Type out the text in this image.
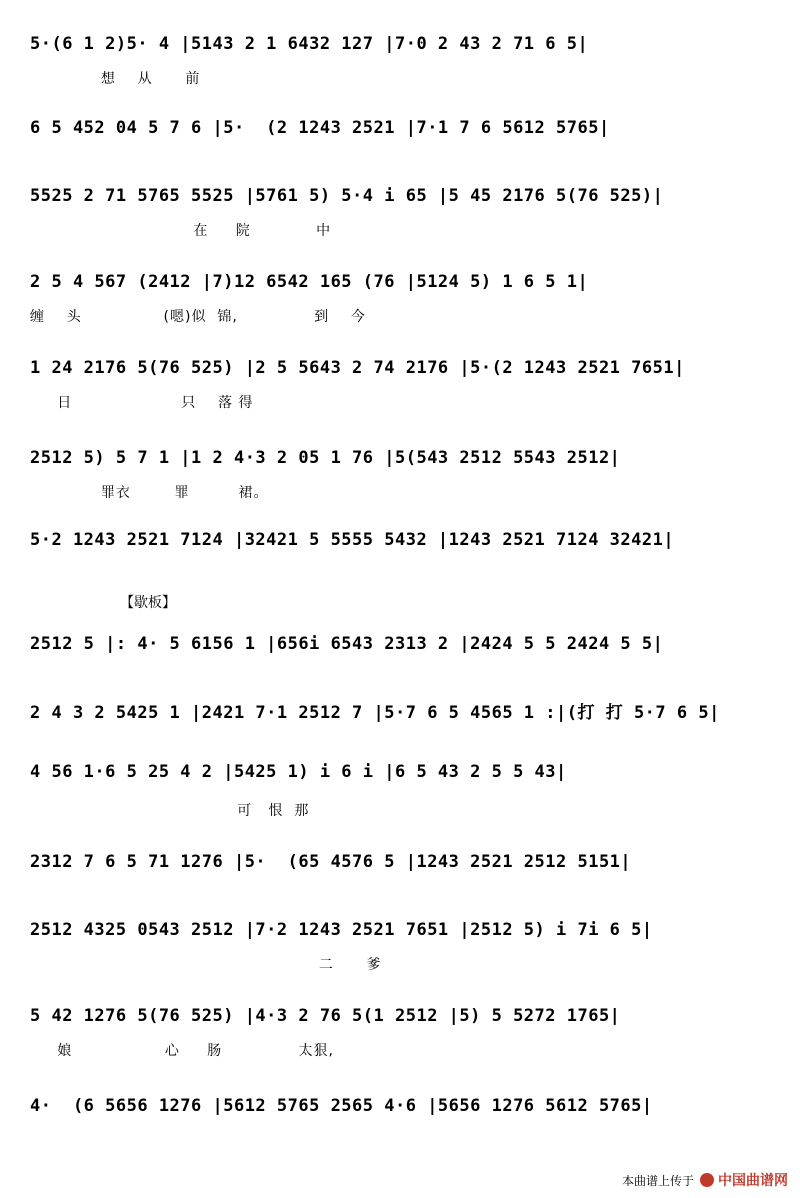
5·(6 1 2)5· 4 |5143 2 1 6432 127 |7·0 2 43 2 71 6 5|
想    从      前
6 5 452 04 5 7 6 |5·  (2 1243 2521 |7·1 7 6 5612 5765|
5525 2 71 5765 5525 |5761 5) 5·4 i 65 |5 45 2176 5(76 525)|
在     院            中
2 5 4 567 (2412 |7)12 6542 165 (76 |5124 5) 1 6 5 1|
缠    头               (嗯)似  锦,              到    今
1 24 2176 5(76 525) |2 5 5643 2 74 2176 |5·(2 1243 2521 7651|
日                    只    落 得
2512 5) 5 7 1 |1 2 4·3 2 05 1 76 |5(543 2512 5543 2512|
罪衣        罪         裙。
5·2 1243 2521 7124 |32421 5 5555 5432 |1243 2521 7124 32421|
【歇板】
2512 5 |: 4· 5 6156 1 |656i 6543 2313 2 |2424 5 5 2424 5 5|
2 4 3 2 5425 1 |2421 7·1 2512 7 |5·7 6 5 4565 1 :|(打 打 5·7 6 5|
4 56 1·6 5 25 4 2 |5425 1) i 6 i |6 5 43 2 5 5 43|
可   恨  那
2312 7 6 5 71 1276 |5·  (65 4576 5 |1243 2521 2512 5151|
2512 4325 0543 2512 |7·2 1243 2521 7651 |2512 5) i 7i 6 5|
二      爹
5 42 1276 5(76 525) |4·3 2 76 5(1 2512 |5) 5 5272 1765|
娘                 心     肠              太狠,
4·  (6 5656 1276 |5612 5765 2565 4·6 |5656 1276 5612 5765|
本曲谱上传于 中国曲谱网
